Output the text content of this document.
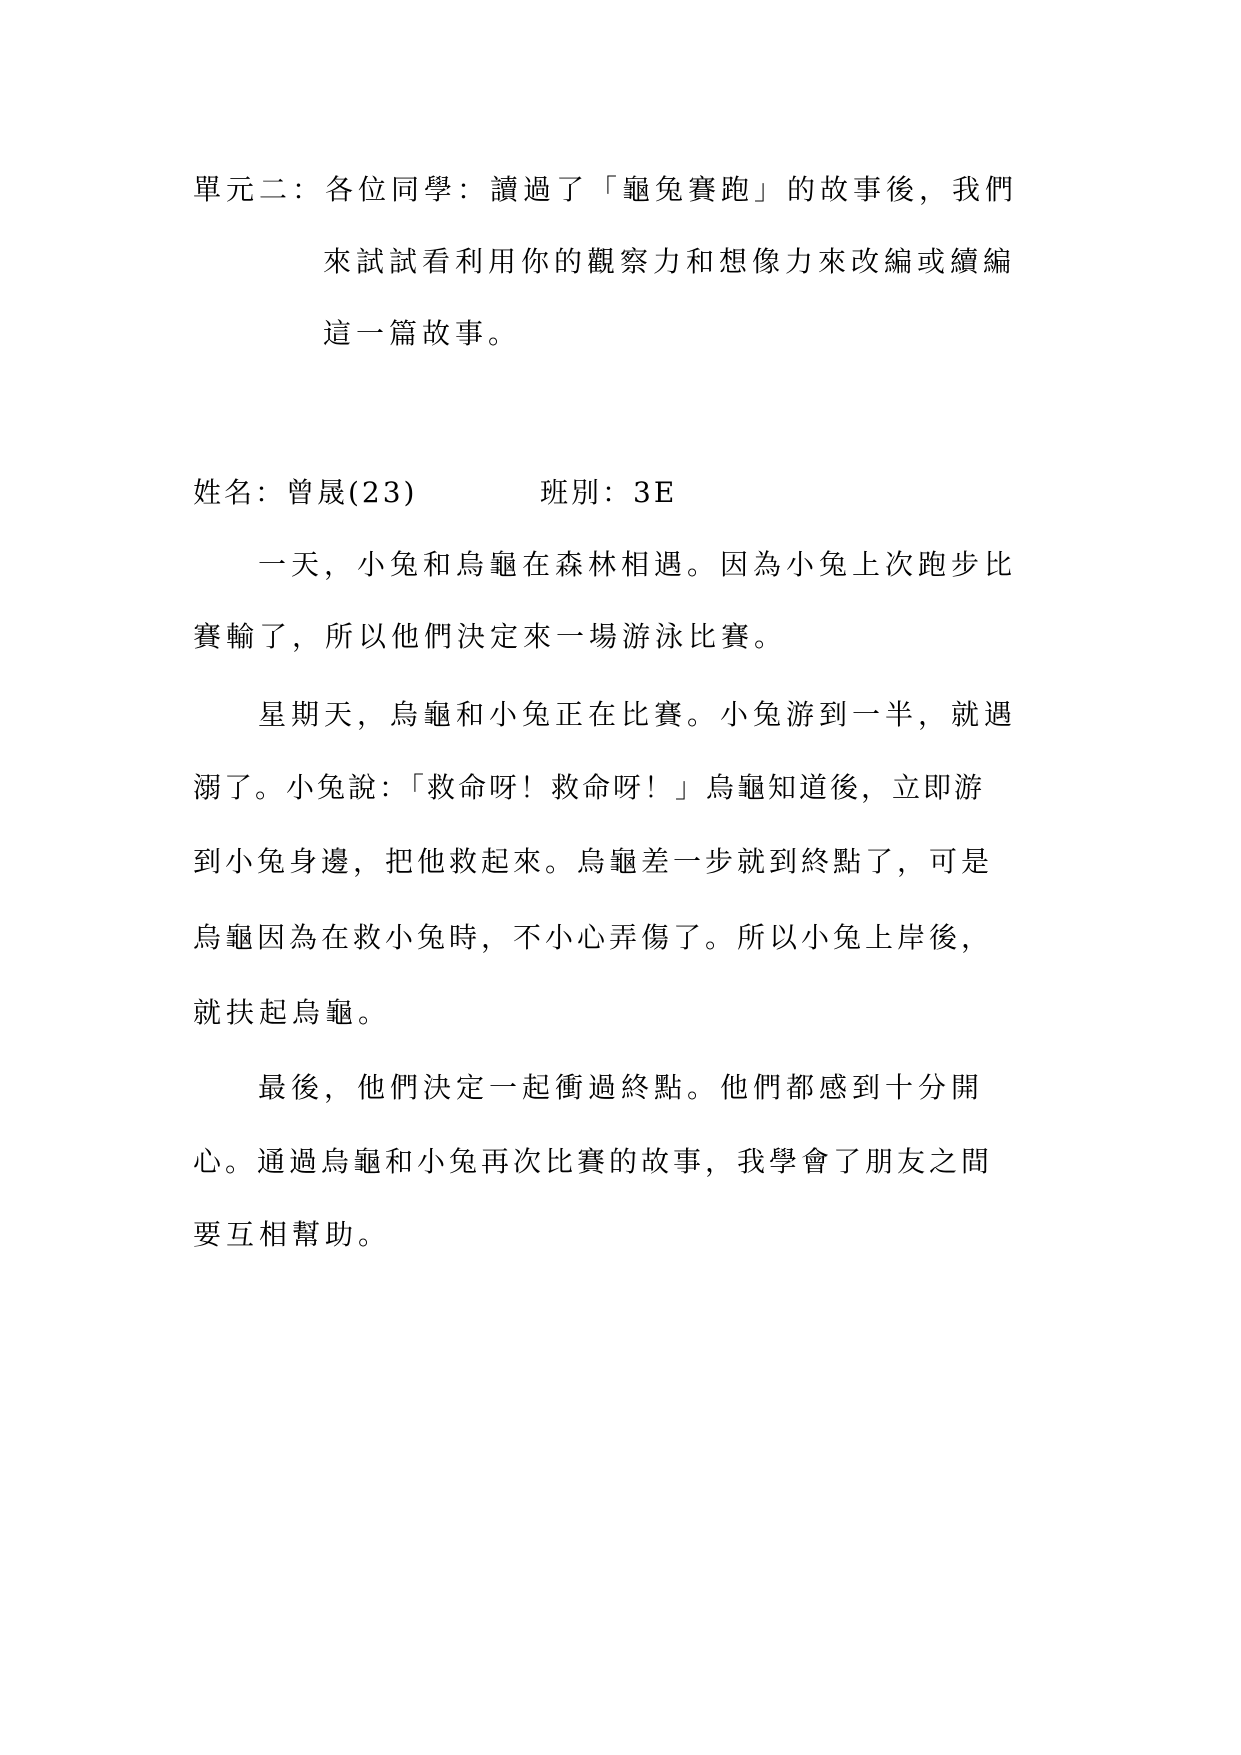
單元二：各位同學：讀過了「龜兔賽跑」的故事後，我們
來試試看利用你的觀察力和想像力來改編或續編
這一篇故事。
姓名：曾晟(23)	班別：3E
一天，小兔和烏龜在森林相遇。因為小兔上次跑步比
賽輸了，所以他們決定來一場游泳比賽。
星期天，烏龜和小兔正在比賽。小兔游到一半，就遇
溺了。小兔說：「救命呀！救命呀！」烏龜知道後，立即游
到小兔身邊，把他救起來。烏龜差一步就到終點了，可是
烏龜因為在救小兔時，不小心弄傷了。所以小兔上岸後，
就扶起烏龜。
最後，他們決定一起衝過終點。他們都感到十分開
心。通過烏龜和小兔再次比賽的故事，我學會了朋友之間
要互相幫助。
